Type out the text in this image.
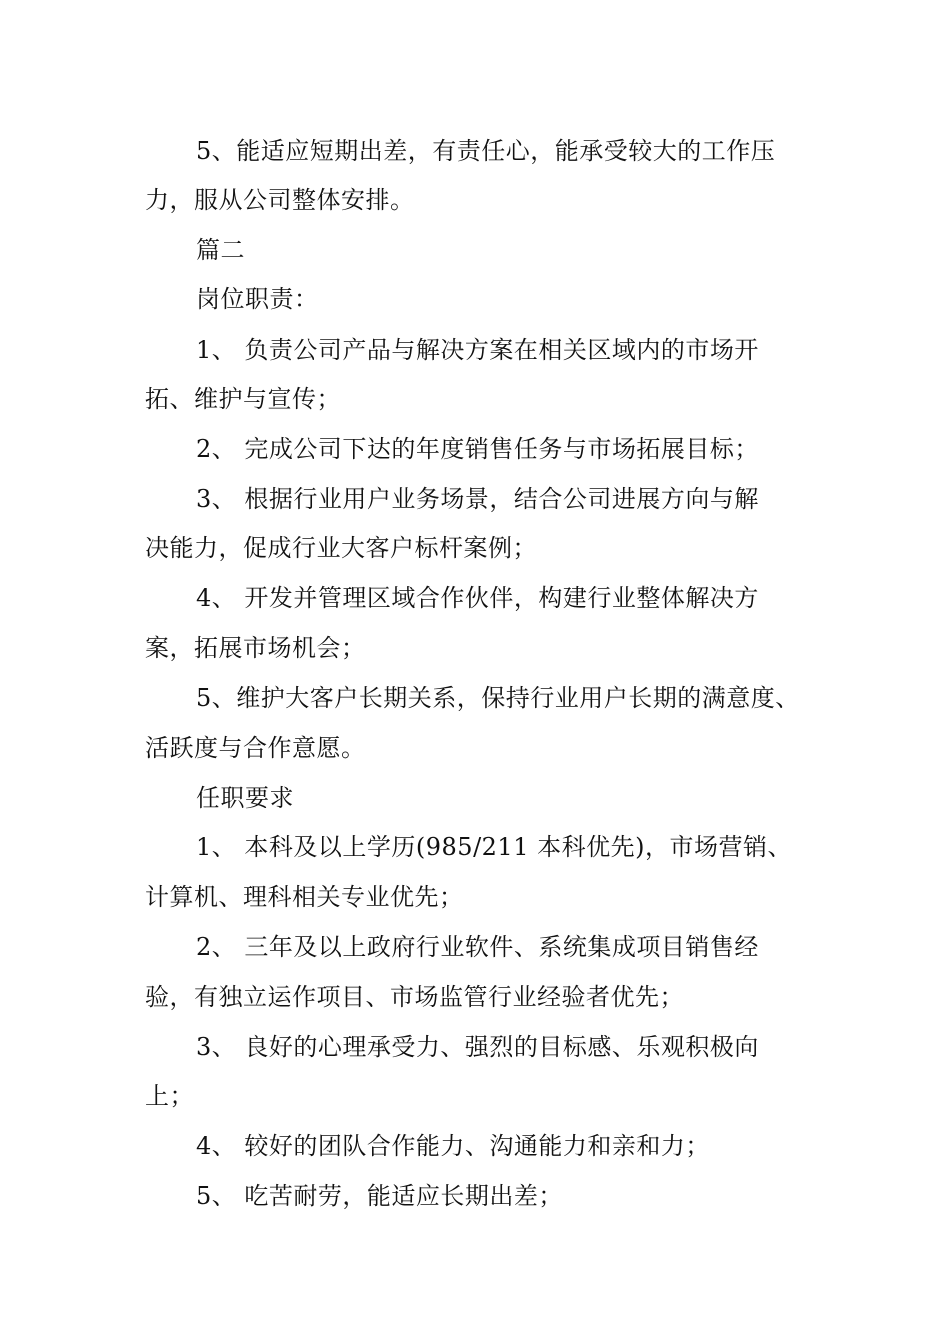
5、能适应短期出差，有责任心，能承受较大的工作压
力，服从公司整体安排。
篇二
岗位职责：
1、 负责公司产品与解决方案在相关区域内的市场开
拓、维护与宣传；
2、 完成公司下达的年度销售任务与市场拓展目标；
3、 根据行业用户业务场景，结合公司进展方向与解
决能力，促成行业大客户标杆案例；
4、 开发并管理区域合作伙伴，构建行业整体解决方
案，拓展市场机会；
5、维护大客户长期关系，保持行业用户长期的满意度、
活跃度与合作意愿。
任职要求
1、 本科及以上学历(985/211 本科优先)，市场营销、
计算机、理科相关专业优先；
2、 三年及以上政府行业软件、系统集成项目销售经
验，有独立运作项目、市场监管行业经验者优先；
3、 良好的心理承受力、强烈的目标感、乐观积极向
上；
4、 较好的团队合作能力、沟通能力和亲和力；
5、 吃苦耐劳，能适应长期出差；
